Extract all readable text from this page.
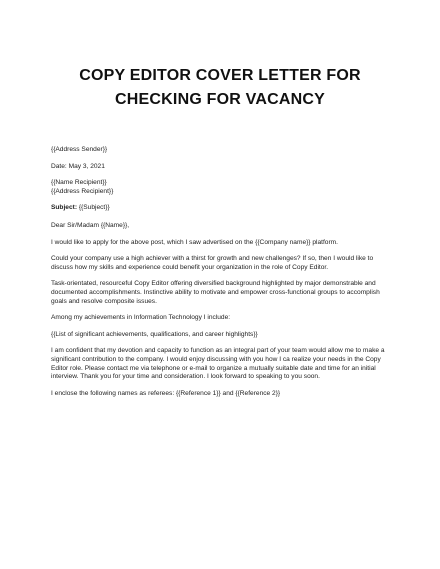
COPY EDITOR COVER LETTER FOR
CHECKING FOR VACANCY

{{Address Sender}}

Date: May 3, 2021

{{Name Recipient}}

{{Address Recipient}}

Subject: {{Subject}}

Dear Sir/Madam {{Name}},

I would like to apply for the above post, which I saw advertised on the {{Company name}} platform.

Could your company use a high achiever with a thirst for growth and new challenges? If so, then I would like to discuss how my skills and experience could benefit your organization in the role of Copy Editor.

Task-orientated, resourceful Copy Editor offering diversified background highlighted by major demonstrable and documented accomplishments. Instinctive ability to motivate and empower cross-functional groups to accomplish goals and resolve composite issues.

Among my achievements in Information Technology I include:

{{List of significant achievements, qualifications, and career highlights}}

I am confident that my devotion and capacity to function as an integral part of your team would allow me to make a significant contribution to the company. I would enjoy discussing with you how I ca realize your needs in the Copy Editor role. Please contact me via telephone or e-mail to organize a mutually suitable date and time for an initial interview. Thank you for your time and consideration. I look forward to speaking to you soon.

I enclose the following names as referees: {{Reference 1}} and {{Reference 2}}
